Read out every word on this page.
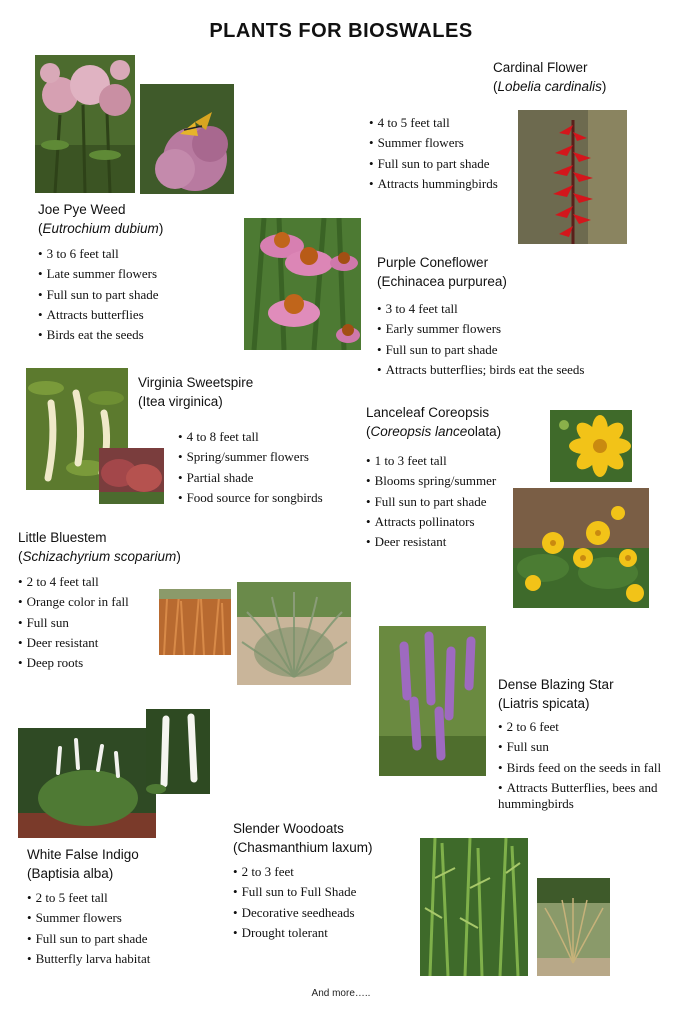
PLANTS FOR BIOSWALES
Joe Pye Weed
(Eutrochium dubium)
• 3 to 6 feet tall
• Late summer flowers
• Full sun to part shade
• Attracts butterflies
• Birds eat the seeds
Cardinal Flower
(Lobelia cardinalis)
• 4 to 5 feet tall
• Summer flowers
• Full sun to part shade
• Attracts hummingbirds
Purple Coneflower
(Echinacea purpurea)
• 3 to 4 feet tall
• Early summer flowers
• Full sun to part shade
• Attracts butterflies; birds eat the seeds
Virginia Sweetspire
(Itea virginica)
• 4 to 8 feet tall
• Spring/summer flowers
• Partial shade
• Food source for songbirds
Lanceleaf Coreopsis
(Coreopsis lanceolata)
• 1 to 3 feet tall
• Blooms spring/summer
• Full sun to part shade
• Attracts pollinators
• Deer resistant
Little Bluestem
(Schizachyrium scoparium)
• 2 to 4 feet tall
• Orange color in fall
• Full sun
• Deer resistant
• Deep roots
Dense Blazing Star
(Liatris spicata)
• 2 to 6 feet
• Full sun
• Birds feed on the seeds in fall
• Attracts Butterflies, bees and hummingbirds
White False Indigo
(Baptisia alba)
• 2 to 5 feet tall
• Summer flowers
• Full sun to part shade
• Butterfly larva habitat
Slender Woodoats
(Chasmanthium laxum)
• 2 to 3 feet
• Full sun to Full Shade
• Decorative seedheads
• Drought tolerant
And more…..
